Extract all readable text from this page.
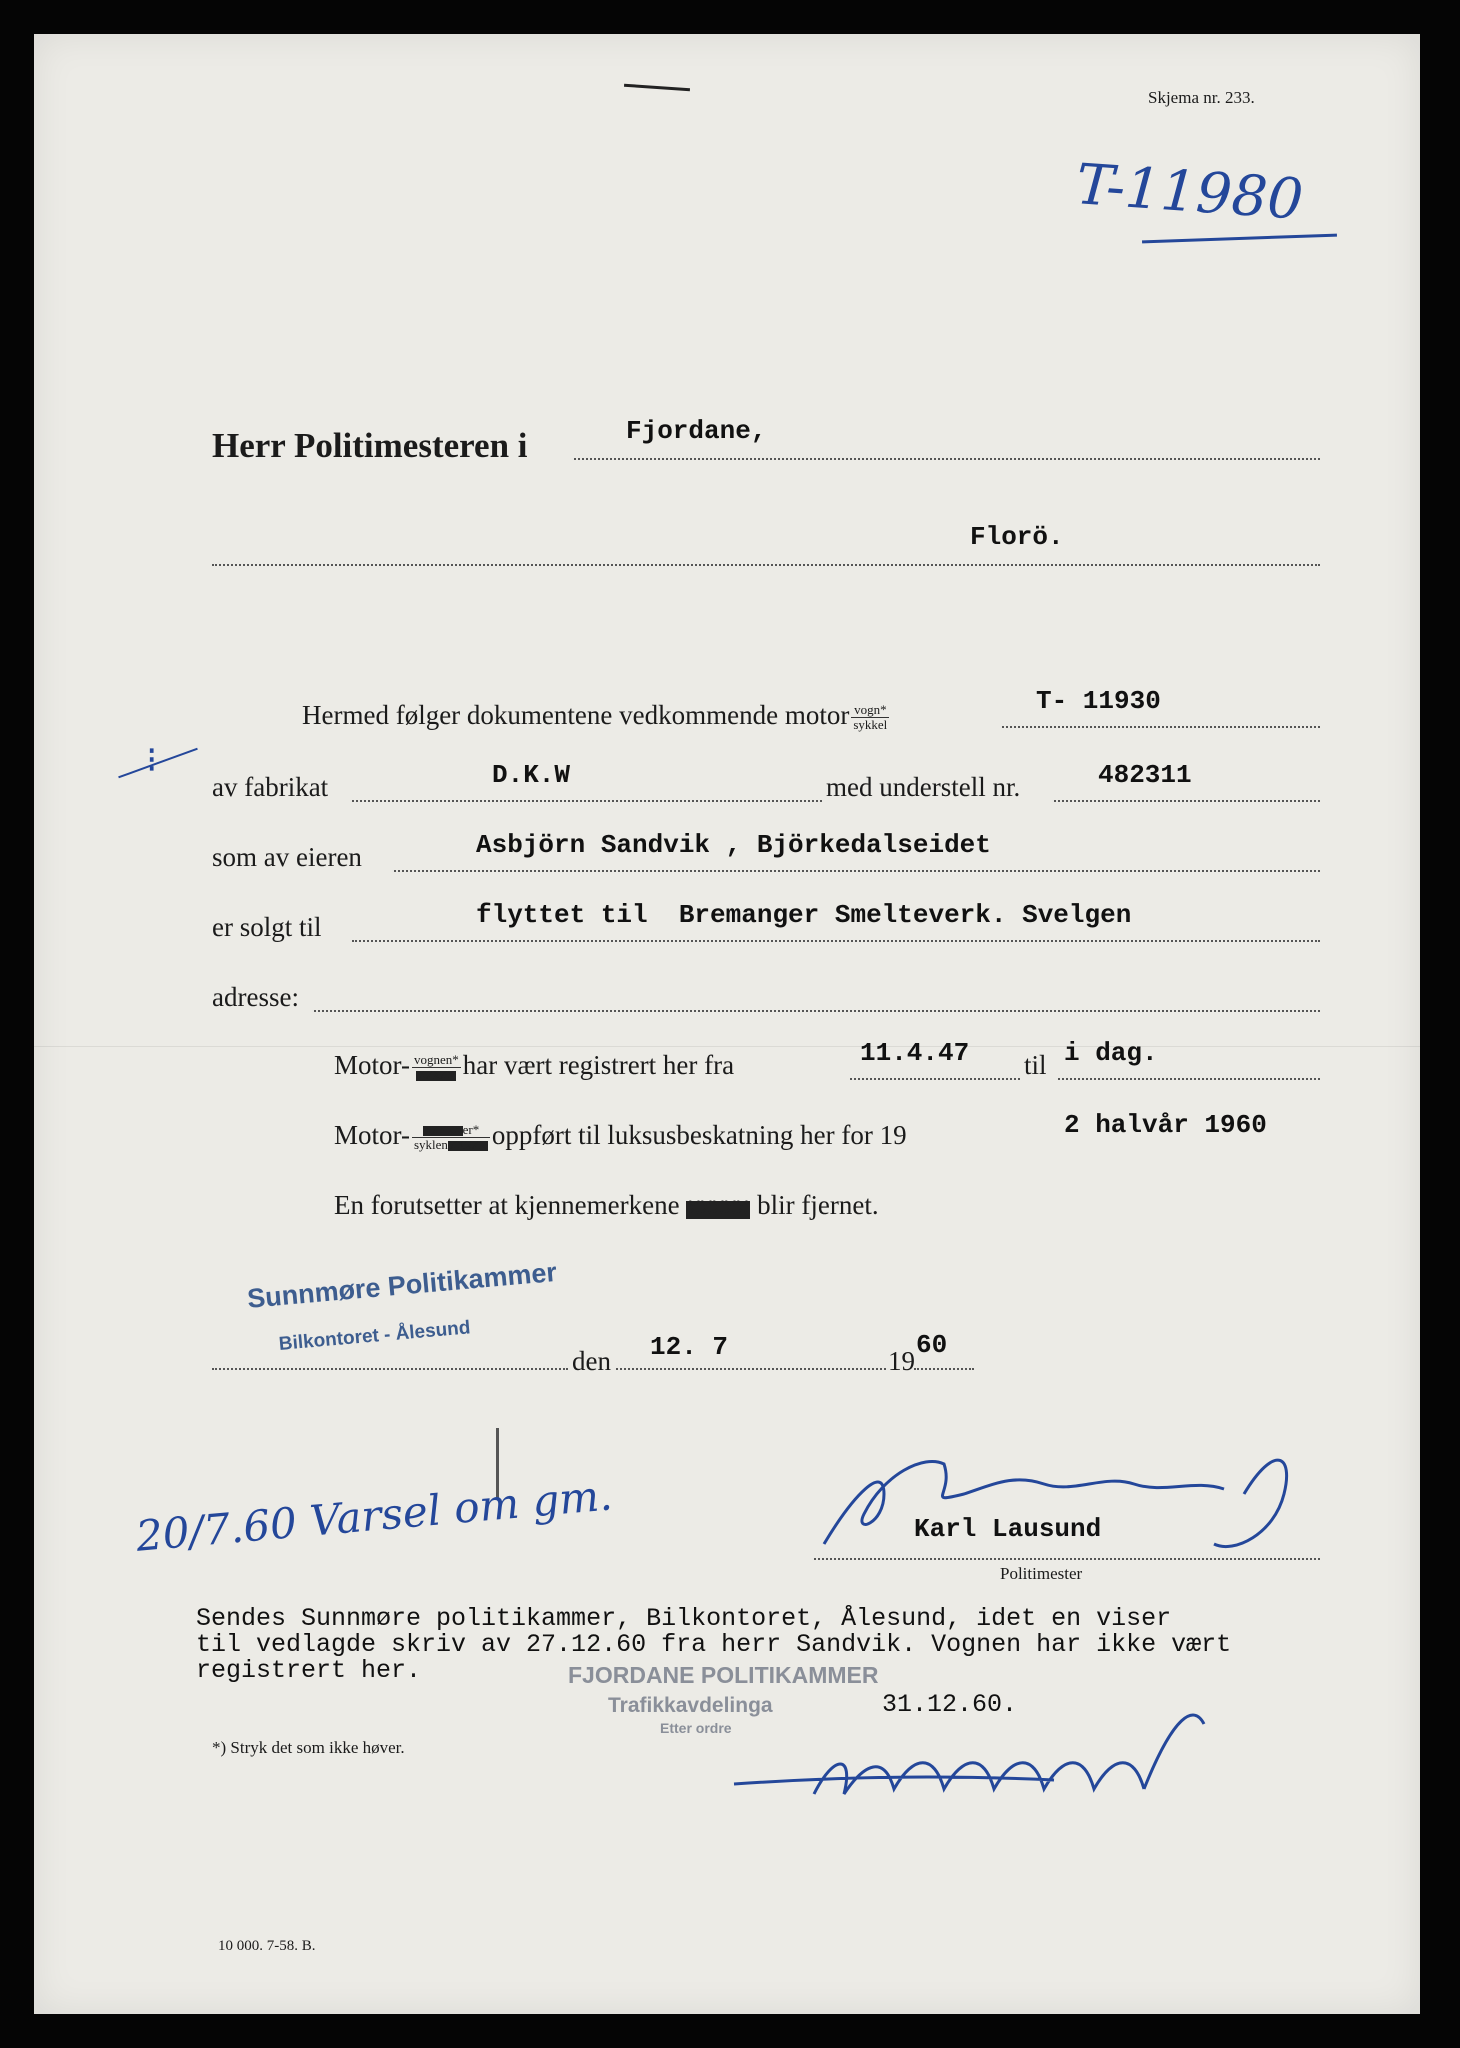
Skjema nr. 233.
T-11980
Herr Politimesteren i	Fjordane,
Florö.
Hermed følger dokumentene vedkommende motor $\frac{\text{vogn*}}{\text{sykkel}}$
T- 11930
⁝
av fabrikat	D.K.W	med understell nr.	482311
som av eieren	Asbjörn Sandvik , Björkedalseidet
er solgt til	flyttet til  Bremanger Smelteverk. Svelgen
adresse:
Motor- $\frac{\text{vognen*}}{\text{XXXXX}}$ har vært registrert her fra	11.4.47 til i dag.
Motor- $\frac{\text{XXXXX er*}}{\text{syklen XXXXX}}$ oppført til luksusbeskatning her for 19	2 halvår 1960
En forutsetter at kjennemerkene XXXXX blir fjernet.
Sunnmøre Politikammer
Bilkontoret - Ålesund
den 12. 7	19
60
Karl Lausund
Politimester
20/7.60 Varsel om gm.
Sendes Sunnmøre politikammer, Bilkontoret, Ålesund, idet en viser
til vedlagde skriv av 27.12.60 fra herr Sandvik. Vognen har ikke vært
registrert her.	FJORDANE POLITIKAMMER
Trafikkavdelinga
Etter ordre
31.12.60.
*) Stryk det som ikke høver.
10 000. 7-58. B.
